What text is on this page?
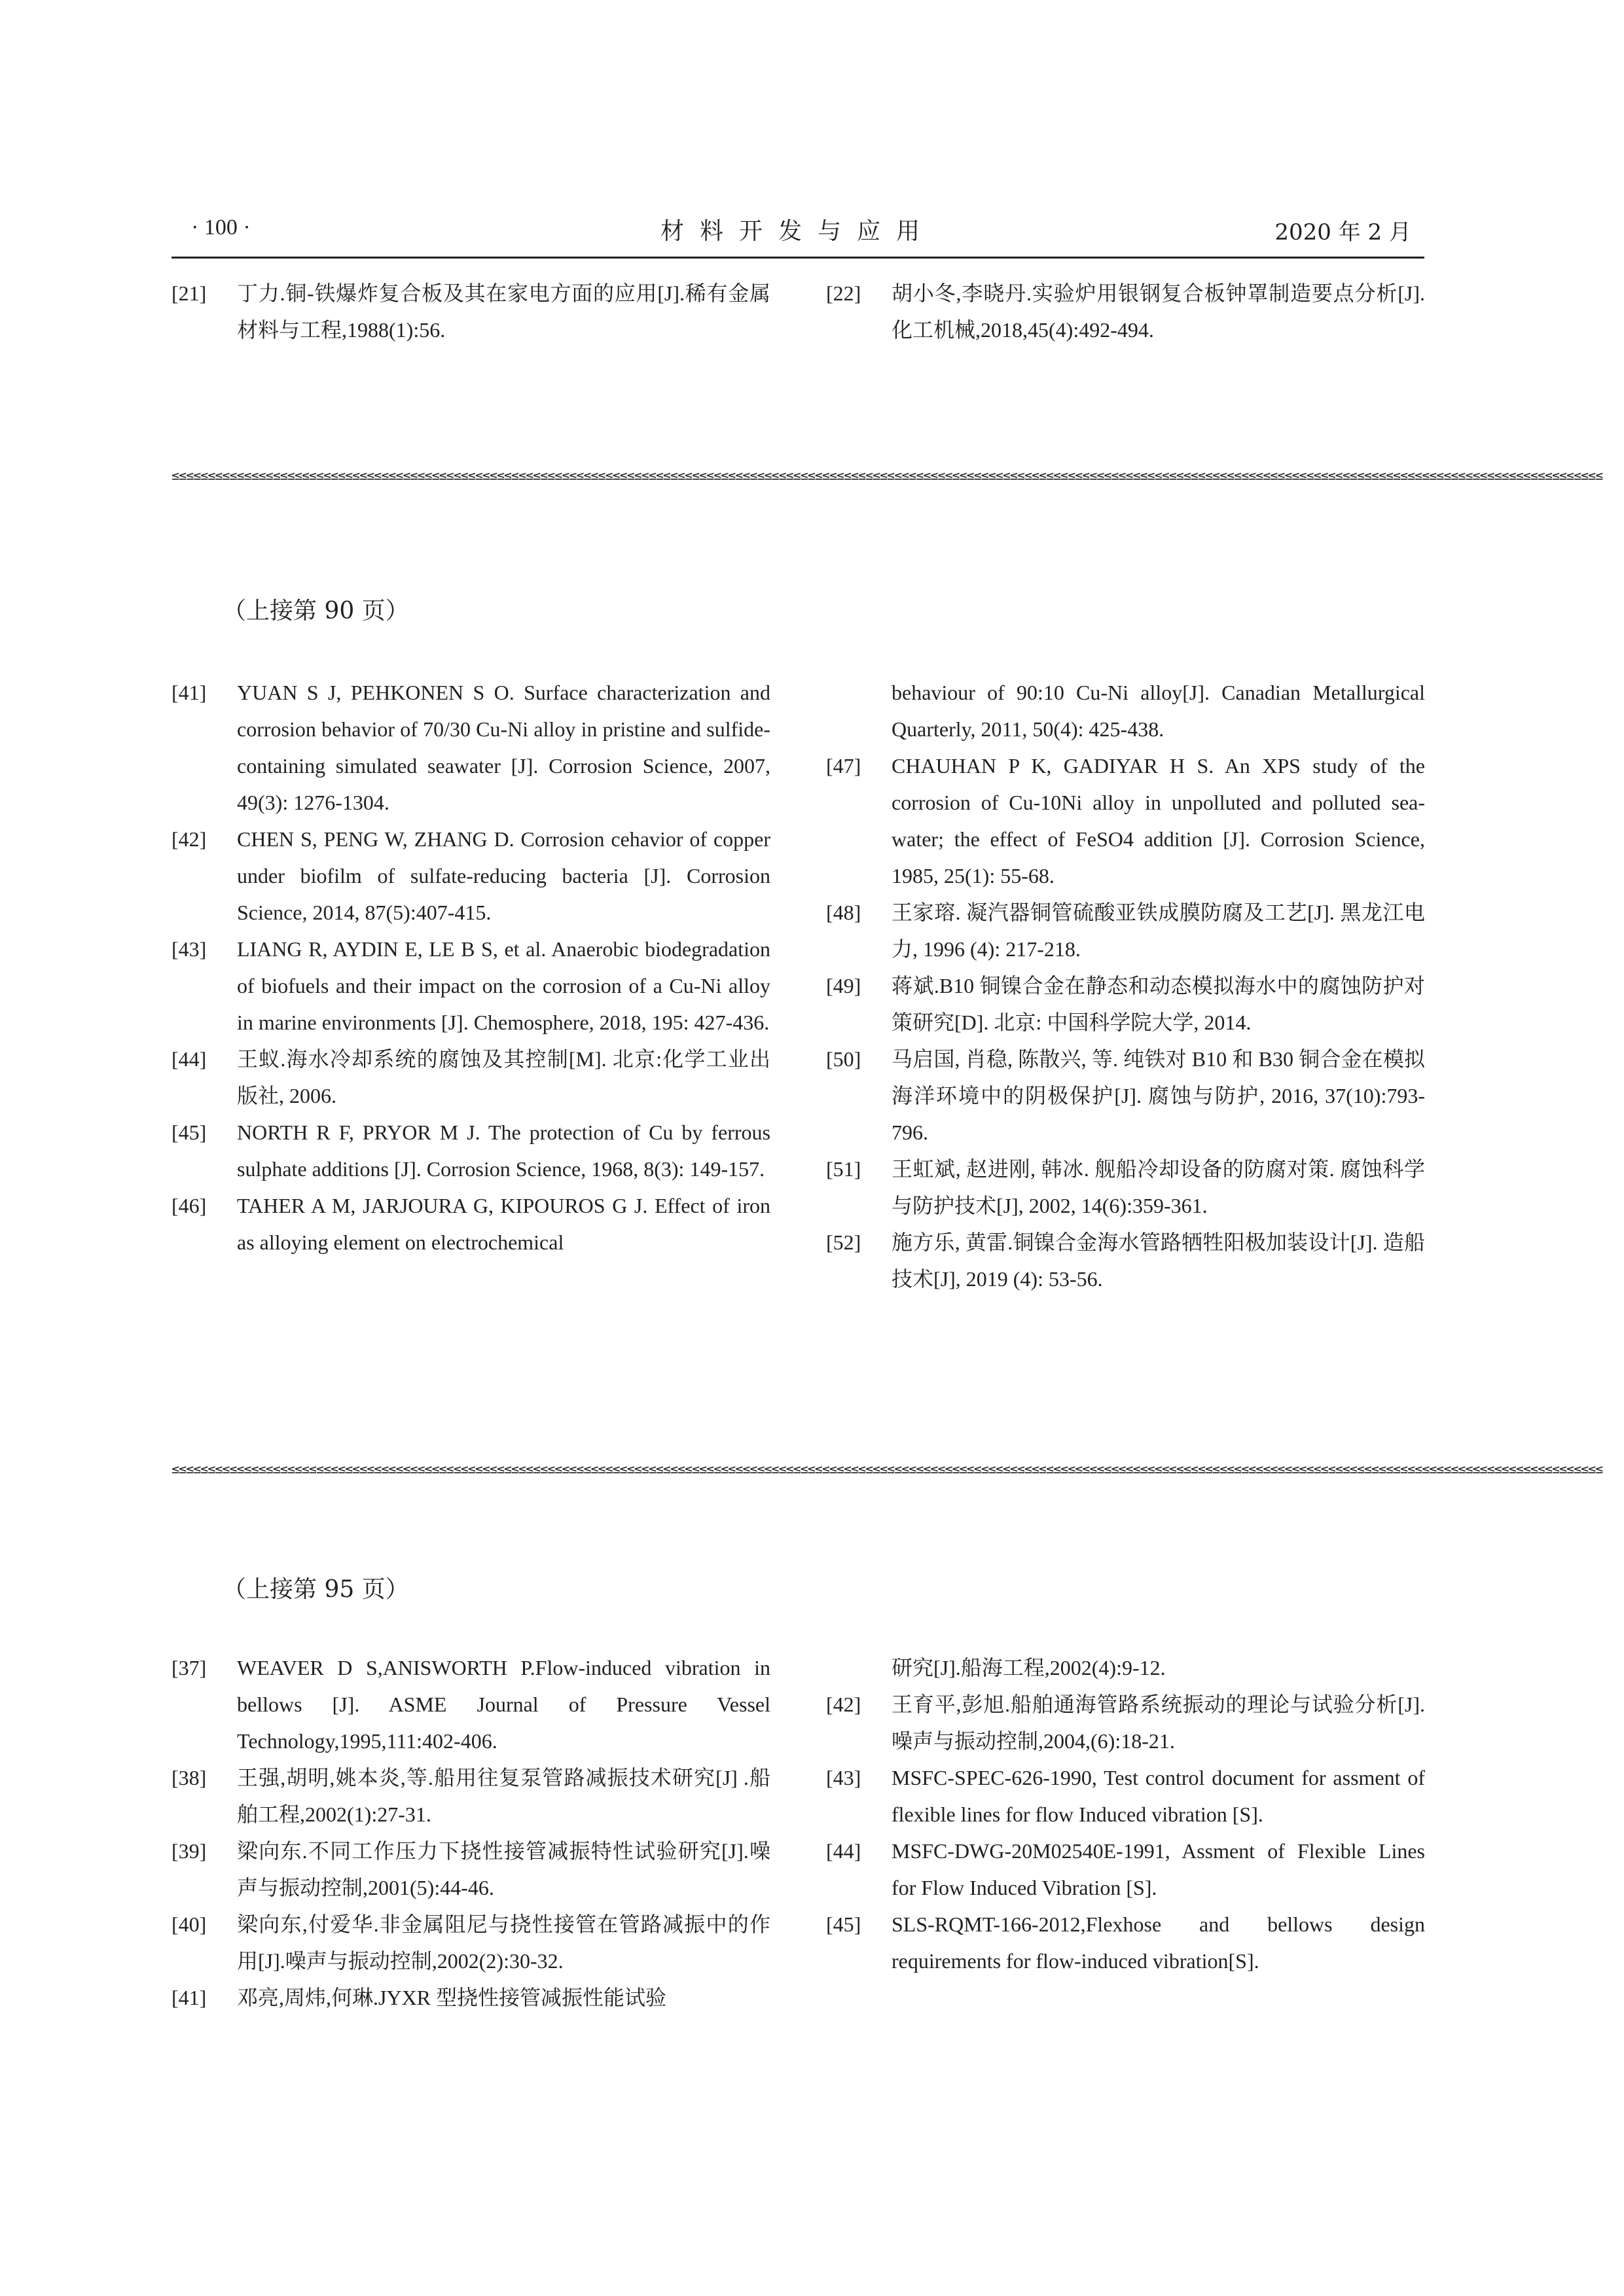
· 100 ·	材料开发与应用	2020 年 2 月
[21] 丁力.铜-铁爆炸复合板及其在家电方面的应用[J].稀有金属材料与工程,1988(1):56.
[22] 胡小冬,李晓丹.实验炉用银钢复合板钟罩制造要点分析[J].化工机械,2018,45(4):492-494.
≤≤≤≤≤≤≤≤≤≤≤≤≤≤≤≤≤≤≤≤≤≤≤≤≤≤≤≤≤≤≤≤≤≤≤≤≤≤≤≤≤≤≤≤≤≤≤≤≤≤≤≤≤≤≤≤≤≤≤≤≤≤≤≤≤≤≤≤≤≤≤≤≤≤≤≤≤≤≤≤≤≤≤≤≤≤≤≤≤≤≤≤≤≤≤≤≤≤≤≤≤≤≤≤≤≤≤≤≤≤≤≤≤≤≤≤≤≤≤≤≤≤≤≤≤≤≤≤≤≤≤≤≤≤≤≤≤≤≤≤≤≤≤≤≤≤≤≤≤≤≤≤≤≤≤≤≤≤≤≤≤≤≤≤≤≤≤≤≤≤≤≤≤≤≤≤≤≤≤≤≤≤≤≤≤≤≤≤≤≤≤≤≤≤≤≤≤≤
（上接第 90 页）
[41] YUAN S J, PEHKONEN S O. Surface characterization and corrosion behavior of 70/30 Cu-Ni alloy in pristine and sulfide-containing simulated seawater [J]. Corrosion Science, 2007, 49(3): 1276-1304.
[42] CHEN S, PENG W, ZHANG D. Corrosion cehavior of copper under biofilm of sulfate-reducing bacteria [J]. Corrosion Science, 2014, 87(5):407-415.
[43] LIANG R, AYDIN E, LE B S, et al. Anaerobic biodegradation of biofuels and their impact on the corrosion of a Cu-Ni alloy in marine environments [J]. Chemosphere, 2018, 195: 427-436.
[44] 王蚁.海水冷却系统的腐蚀及其控制[M]. 北京:化学工业出版社, 2006.
[45] NORTH R F, PRYOR M J. The protection of Cu by ferrous sulphate additions [J]. Corrosion Science, 1968, 8(3): 149-157.
[46] TAHER A M, JARJOURA G, KIPOUROS G J. Effect of iron as alloying element on electrochemical
behaviour of 90:10 Cu-Ni alloy[J]. Canadian Metallurgical Quarterly, 2011, 50(4): 425-438.
[47] CHAUHAN P K, GADIYAR H S. An XPS study of the corrosion of Cu-10Ni alloy in unpolluted and polluted sea-water; the effect of FeSO4 addition [J]. Corrosion Science, 1985, 25(1): 55-68.
[48] 王家瑢. 凝汽器铜管硫酸亚铁成膜防腐及工艺[J]. 黑龙江电力, 1996 (4): 217-218.
[49] 蒋斌.B10 铜镍合金在静态和动态模拟海水中的腐蚀防护对策研究[D]. 北京: 中国科学院大学, 2014.
[50] 马启国, 肖稳, 陈散兴, 等. 纯铁对 B10 和 B30 铜合金在模拟海洋环境中的阴极保护[J]. 腐蚀与防护, 2016, 37(10):793-796.
[51] 王虹斌, 赵进刚, 韩冰. 舰船冷却设备的防腐对策. 腐蚀科学与防护技术[J], 2002, 14(6):359-361.
[52] 施方乐, 黄雷.铜镍合金海水管路牺牲阳极加装设计[J]. 造船技术[J], 2019 (4): 53-56.
≤≤≤≤≤≤≤≤≤≤≤≤≤≤≤≤≤≤≤≤≤≤≤≤≤≤≤≤≤≤≤≤≤≤≤≤≤≤≤≤≤≤≤≤≤≤≤≤≤≤≤≤≤≤≤≤≤≤≤≤≤≤≤≤≤≤≤≤≤≤≤≤≤≤≤≤≤≤≤≤≤≤≤≤≤≤≤≤≤≤≤≤≤≤≤≤≤≤≤≤≤≤≤≤≤≤≤≤≤≤≤≤≤≤≤≤≤≤≤≤≤≤≤≤≤≤≤≤≤≤≤≤≤≤≤≤≤≤≤≤≤≤≤≤≤≤≤≤≤≤≤≤≤≤≤≤≤≤≤≤≤≤≤≤≤≤≤≤≤≤≤≤≤≤≤≤≤≤≤≤≤≤≤≤≤≤≤≤≤≤≤≤≤≤≤≤≤≤
（上接第 95 页）
[37] WEAVER D S,ANISWORTH P.Flow-induced vibration in bellows [J]. ASME Journal of Pressure Vessel Technology,1995,111:402-406.
[38] 王强,胡明,姚本炎,等.船用往复泵管路减振技术研究[J] .船舶工程,2002(1):27-31.
[39] 梁向东.不同工作压力下挠性接管减振特性试验研究[J].噪声与振动控制,2001(5):44-46.
[40] 梁向东,付爱华.非金属阻尼与挠性接管在管路减振中的作用[J].噪声与振动控制,2002(2):30-32.
[41] 邓亮,周炜,何琳.JYXR 型挠性接管减振性能试验
研究[J].船海工程,2002(4):9-12.
[42] 王育平,彭旭.船舶通海管路系统振动的理论与试验分析[J].噪声与振动控制,2004,(6):18-21.
[43] MSFC-SPEC-626-1990, Test control document for assment of flexible lines for flow Induced vibration [S].
[44] MSFC-DWG-20M02540E-1991, Assment of Flexible Lines for Flow Induced Vibration [S].
[45] SLS-RQMT-166-2012,Flexhose and bellows design requirements for flow-induced vibration[S].
